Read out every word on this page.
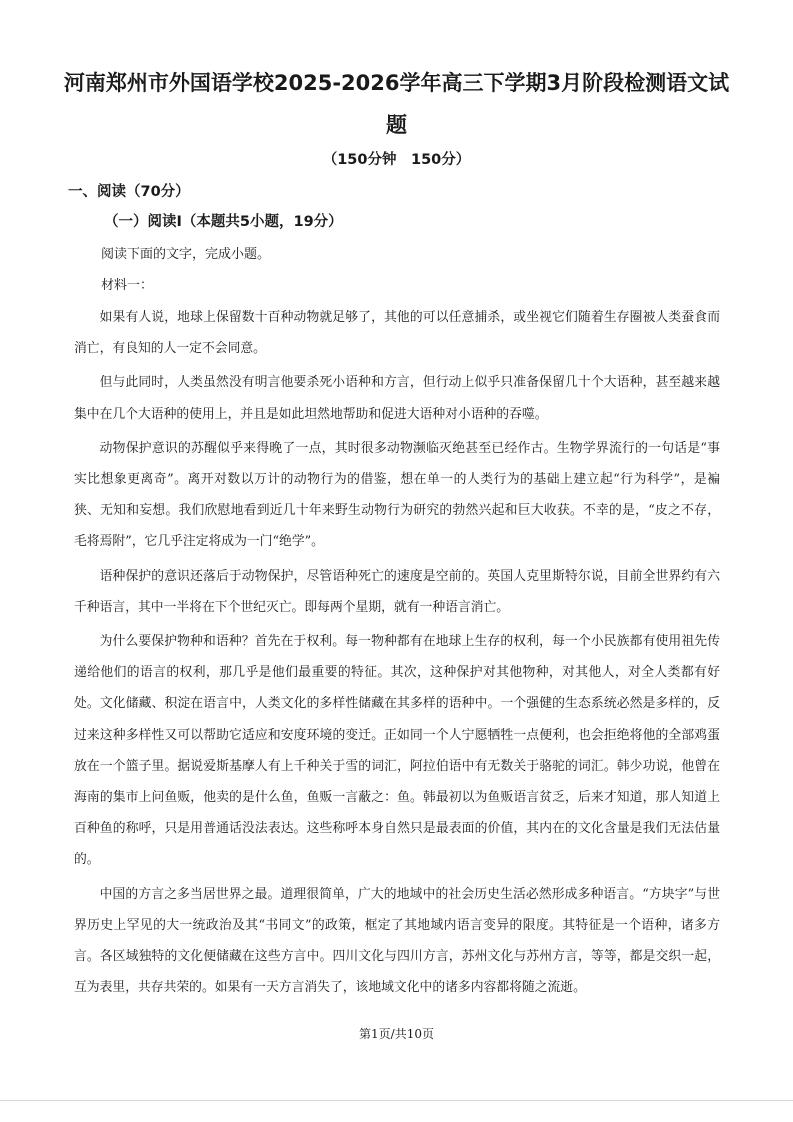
河南郑州市外国语学校2025-2026学年高三下学期3月阶段检测语文试题
（150分钟　150分）
一、阅读（70分）
（一）阅读Ⅰ（本题共5小题，19分）
阅读下面的文字，完成小题。
材料一：

如果有人说，地球上保留数十百种动物就足够了，其他的可以任意捕杀，或坐视它们随着生存圈被人类蚕食而消亡，有良知的人一定不会同意。

但与此同时，人类虽然没有明言他要杀死小语种和方言，但行动上似乎只准备保留几十个大语种，甚至越来越集中在几个大语种的使用上，并且是如此坦然地帮助和促进大语种对小语种的吞噬。

动物保护意识的苏醒似乎来得晚了一点，其时很多动物濒临灭绝甚至已经作古。生物学界流行的一句话是“事实比想象更离奇”。离开对数以万计的动物行为的借鉴，想在单一的人类行为的基础上建立起“行为科学”，是褊狭、无知和妄想。我们欣慰地看到近几十年来野生动物行为研究的勃然兴起和巨大收获。不幸的是，“皮之不存，毛将焉附”，它几乎注定将成为一门“绝学”。

语种保护的意识还落后于动物保护，尽管语种死亡的速度是空前的。英国人克里斯特尔说，目前全世界约有六千种语言，其中一半将在下个世纪灭亡。即每两个星期，就有一种语言消亡。

为什么要保护物种和语种？首先在于权利。每一物种都有在地球上生存的权利，每一个小民族都有使用祖先传递给他们的语言的权利，那几乎是他们最重要的特征。其次，这种保护对其他物种，对其他人，对全人类都有好处。文化储藏、积淀在语言中，人类文化的多样性储藏在其多样的语种中。一个强健的生态系统必然是多样的，反过来这种多样性又可以帮助它适应和安度环境的变迁。正如同一个人宁愿牺牲一点便利，也会拒绝将他的全部鸡蛋放在一个篮子里。据说爱斯基摩人有上千种关于雪的词汇，阿拉伯语中有无数关于骆驼的词汇。韩少功说，他曾在海南的集市上问鱼贩，他卖的是什么鱼，鱼贩一言蔽之：鱼。韩最初以为鱼贩语言贫乏，后来才知道，那人知道上百种鱼的称呼，只是用普通话没法表达。这些称呼本身自然只是最表面的价值，其内在的文化含量是我们无法估量的。

中国的方言之多当居世界之最。道理很简单，广大的地域中的社会历史生活必然形成多种语言。“方块字”与世界历史上罕见的大一统政治及其“书同文”的政策，框定了其地域内语言变异的限度。其特征是一个语种，诸多方言。各区域独特的文化便储藏在这些方言中。四川文化与四川方言，苏州文化与苏州方言，等等，都是交织一起，互为表里，共存共荣的。如果有一天方言消失了，该地域文化中的诸多内容都将随之流逝。

第1页/共10页
